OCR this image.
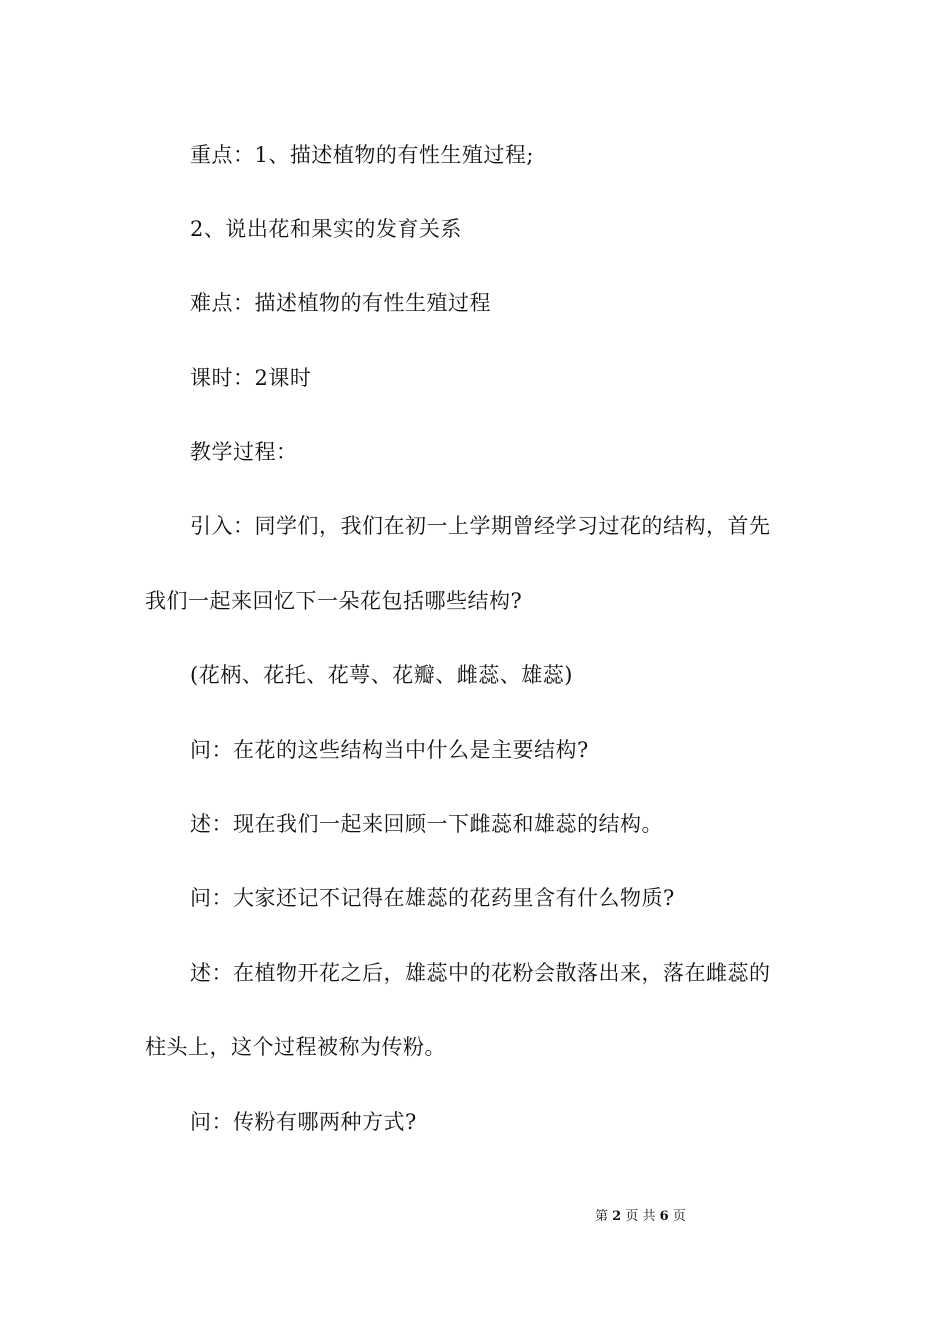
重点：1、描述植物的有性生殖过程;
2、说出花和果实的发育关系
难点：描述植物的有性生殖过程
课时：2课时
教学过程：
引入：同学们，我们在初一上学期曾经学习过花的结构，首先
我们一起来回忆下一朵花包括哪些结构?
(花柄、花托、花萼、花瓣、雌蕊、雄蕊)
问：在花的这些结构当中什么是主要结构?
述：现在我们一起来回顾一下雌蕊和雄蕊的结构。
问：大家还记不记得在雄蕊的花药里含有什么物质?
述：在植物开花之后，雄蕊中的花粉会散落出来，落在雌蕊的
柱头上，这个过程被称为传粉。
问：传粉有哪两种方式?
第 2 页 共 6 页
